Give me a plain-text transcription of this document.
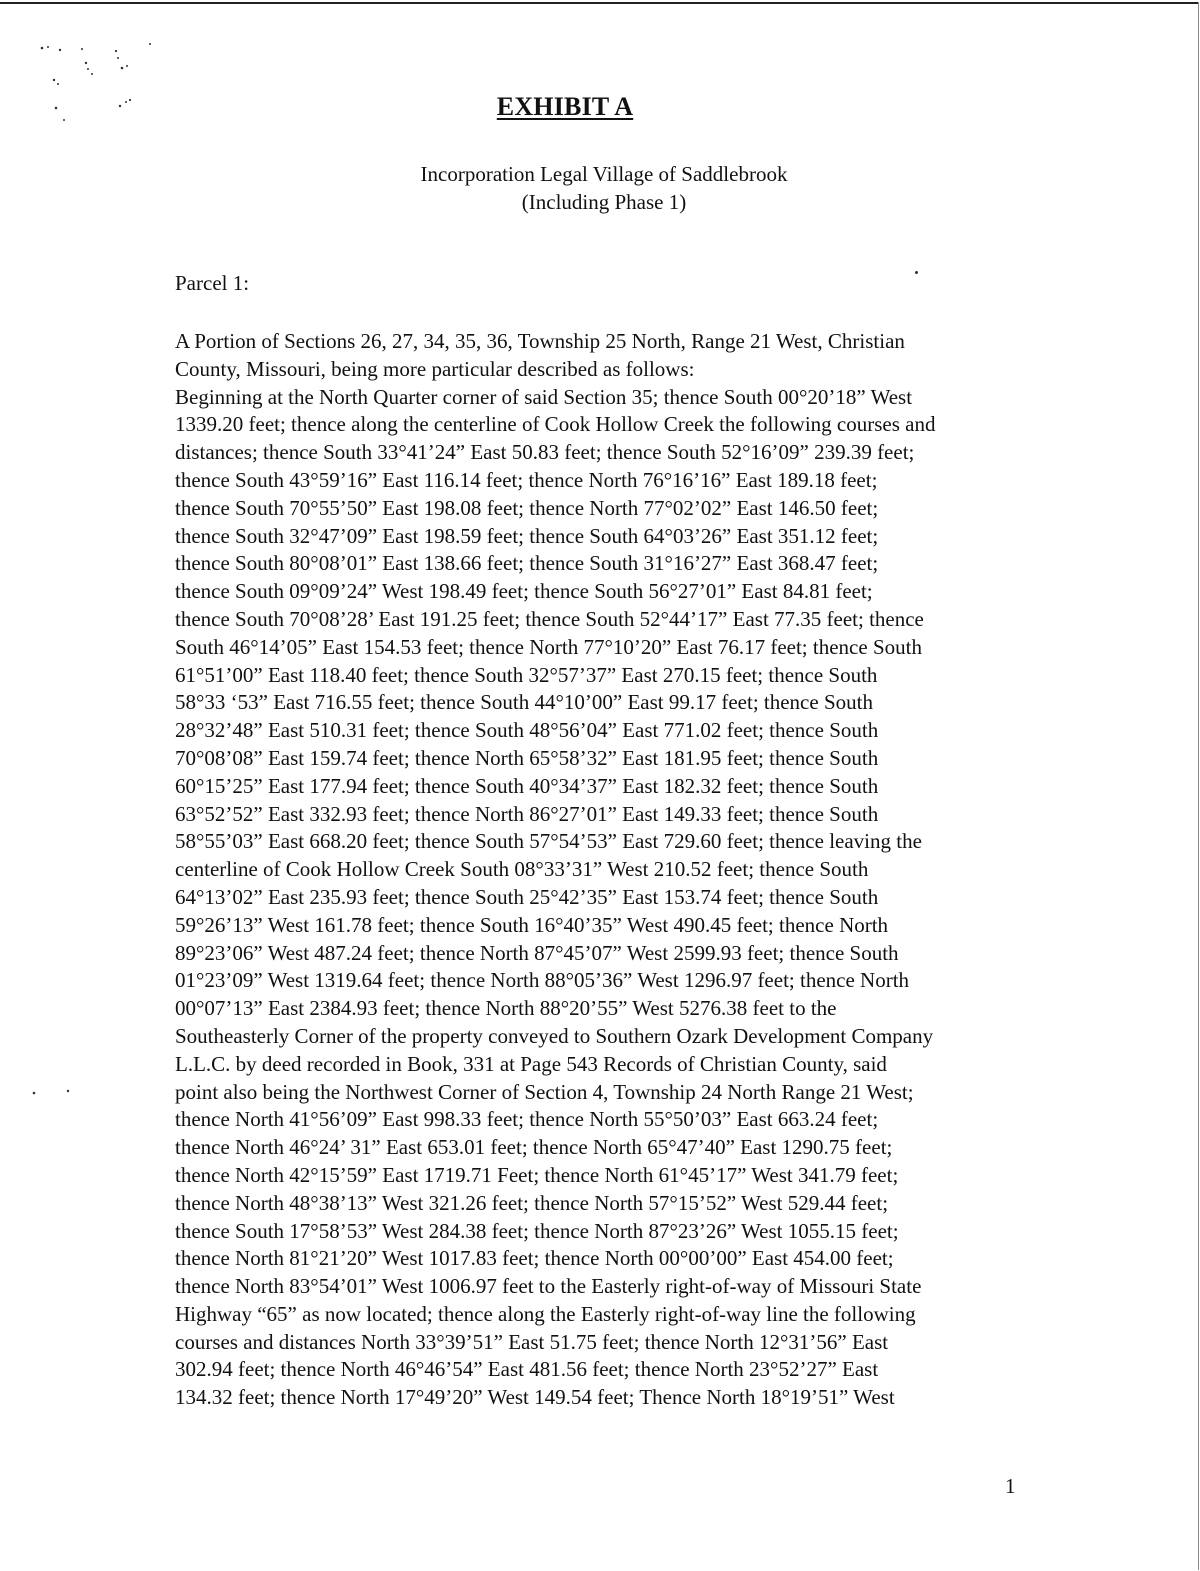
EXHIBIT A
Incorporation Legal Village of Saddlebrook
(Including Phase 1)
Parcel 1:
A Portion of Sections 26, 27, 34, 35, 36, Township 25 North, Range 21 West, Christian
County, Missouri, being more particular described as follows:
Beginning at the North Quarter corner of said Section 35; thence South 00°20’18” West
1339.20 feet; thence along the centerline of Cook Hollow Creek the following courses and
distances; thence South 33°41’24” East 50.83 feet; thence South 52°16’09” 239.39 feet;
thence South 43°59’16” East 116.14 feet; thence North 76°16’16” East 189.18 feet;
thence South 70°55’50” East 198.08 feet; thence North 77°02’02” East 146.50 feet;
thence South 32°47’09” East 198.59 feet; thence South 64°03’26” East 351.12 feet;
thence South 80°08’01” East 138.66 feet; thence South 31°16’27” East 368.47 feet;
thence South 09°09’24” West 198.49 feet; thence South 56°27’01” East 84.81 feet;
thence South 70°08’28’ East 191.25 feet; thence South 52°44’17” East 77.35 feet; thence
South 46°14’05” East 154.53 feet; thence North 77°10’20” East 76.17 feet; thence South
61°51’00” East 118.40 feet; thence South 32°57’37” East 270.15 feet; thence South
58°33 ‘53” East 716.55 feet; thence South 44°10’00” East 99.17 feet; thence South
28°32’48” East 510.31 feet; thence South 48°56’04” East 771.02 feet; thence South
70°08’08” East 159.74 feet; thence North 65°58’32” East 181.95 feet; thence South
60°15’25” East 177.94 feet; thence South 40°34’37” East 182.32 feet; thence South
63°52’52” East 332.93 feet; thence North 86°27’01” East 149.33 feet; thence South
58°55’03” East 668.20 feet; thence South 57°54’53” East 729.60 feet; thence leaving the
centerline of Cook Hollow Creek South 08°33’31” West 210.52 feet; thence South
64°13’02” East 235.93 feet; thence South 25°42’35” East 153.74 feet; thence South
59°26’13” West 161.78 feet; thence South 16°40’35” West 490.45 feet; thence North
89°23’06” West 487.24 feet; thence North 87°45’07” West 2599.93 feet; thence South
01°23’09” West 1319.64 feet; thence North 88°05’36” West 1296.97 feet; thence North
00°07’13” East 2384.93 feet; thence North 88°20’55” West 5276.38 feet to the
Southeasterly Corner of the property conveyed to Southern Ozark Development Company
L.L.C. by deed recorded in Book, 331 at Page 543 Records of Christian County, said
point also being the Northwest Corner of Section 4, Township 24 North Range 21 West;
thence North 41°56’09” East 998.33 feet; thence North 55°50’03” East 663.24 feet;
thence North 46°24’ 31” East 653.01 feet; thence North 65°47’40” East 1290.75 feet;
thence North 42°15’59” East 1719.71 Feet; thence North 61°45’17” West 341.79 feet;
thence North 48°38’13” West 321.26 feet; thence North 57°15’52” West 529.44 feet;
thence South 17°58’53” West 284.38 feet; thence North 87°23’26” West 1055.15 feet;
thence North 81°21’20” West 1017.83 feet; thence North 00°00’00” East 454.00 feet;
thence North 83°54’01” West 1006.97 feet to the Easterly right-of-way of Missouri State
Highway “65” as now located; thence along the Easterly right-of-way line the following
courses and distances North 33°39’51” East 51.75 feet; thence North 12°31’56” East
302.94 feet; thence North 46°46’54” East 481.56 feet; thence North 23°52’27” East
134.32 feet; thence North 17°49’20” West 149.54 feet; Thence North 18°19’51” West
1
